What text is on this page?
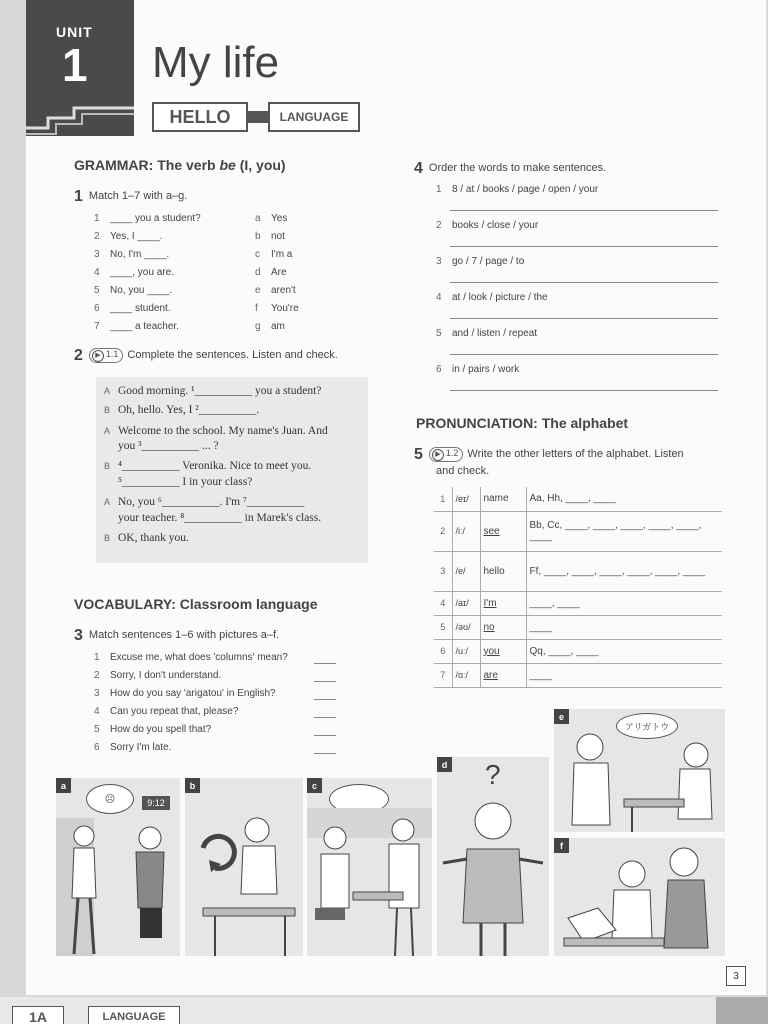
UNIT
1 My life
HELLO	LANGUAGE
GRAMMAR: The verb be (I, you)
1 Match 1–7 with a–g.
1 ____ you a student?
2 Yes, I ____.
3 No, I'm ____.
4 ____, you are.
5 No, you ____.
6 ____ student.
7 ____ a teacher.
a Yes
b not
c I'm a
d Are
e aren't
f You're
g am
2 ▶ 1.1 Complete the sentences. Listen and check.
A Good morning. ¹__________ you a student?
B Oh, hello. Yes, I ²__________.
A Welcome to the school. My name's Juan. And
you ³__________ ... ?
B ⁴__________ Veronika. Nice to meet you.
⁵__________ I in your class?
A No, you ⁶__________. I'm ⁷__________
your teacher. ⁸__________ in Marek's class.
B OK, thank you.
VOCABULARY: Classroom language
3 Match sentences 1–6 with pictures a–f.
1 Excuse me, what does 'columns' mean?
2 Sorry, I don't understand.
3 How do you say 'arigatou' in English?
4 Can you repeat that, please?
5 How do you spell that?
6 Sorry I'm late.
4 Order the words to make sentences.
1 8 / at / books / page / open / your
2 books / close / your
3 go / 7 / page / to
4 at / look / picture / the
5 and / listen / repeat
6 in / pairs / work
PRONUNCIATION: The alphabet
5 ▶ 1.2 Write the other letters of the alphabet. Listen
and check.
1	/eɪ/	name	Aa, Hh, ____, ____
2	/iː/	see	Bb, Cc, ____, ____, ____, ____, ____, ____
3	/e/	hello	Ff, ____, ____, ____, ____, ____, ____
4	/aɪ/	I'm	____, ____
5	/əʊ/	no	____
6	/uː/	you	Qq, ____, ____
7	/ɑː/	are	____
a
☹	9:12
b	c
d ?
e
アリガトウ
f
3
1A	LANGUAGE
